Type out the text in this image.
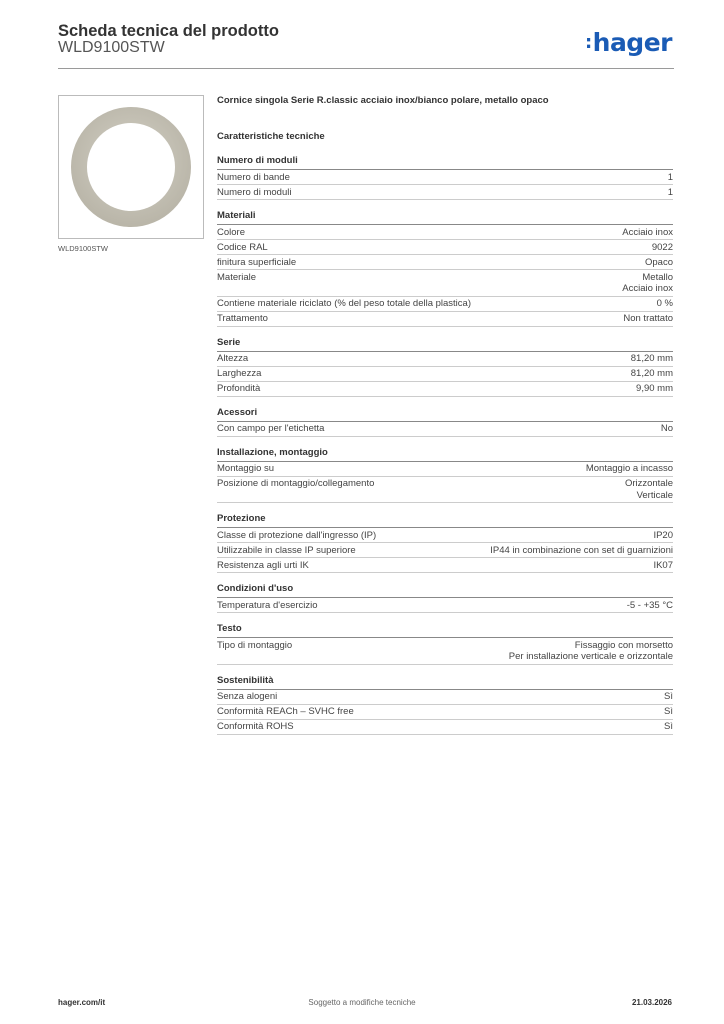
Scheda tecnica del prodotto
WLD9100STW	:hager
WLD9100STW
Cornice singola Serie R.classic acciaio inox/bianco polare, metallo opaco
Caratteristiche tecniche
Numero di moduli
Numero di bande	1
Numero di moduli	1
Materiali
Colore	Acciaio inox
Codice RAL	9022
finitura superficiale	Opaco
Materiale	Metallo
Acciaio inox
Contiene materiale riciclato (% del peso totale della plastica)	0 %
Trattamento	Non trattato
Serie
Altezza	81,20 mm
Larghezza	81,20 mm
Profondità	9,90 mm
Acessori
Con campo per l'etichetta	No
Installazione, montaggio
Montaggio su	Montaggio a incasso
Posizione di montaggio/collegamento	Orizzontale
Verticale
Protezione
Classe di protezione dall'ingresso (IP)	IP20
Utilizzabile in classe IP superiore	IP44 in combinazione con set di guarnizioni
Resistenza agli urti IK	IK07
Condizioni d'uso
Temperatura d'esercizio	-5 - +35 °C
Testo
Tipo di montaggio	Fissaggio con morsetto
Per installazione verticale e orizzontale
Sostenibilità
Senza alogeni	Sì
Conformità REACh – SVHC free	Sì
Conformità ROHS	Sì
hager.com/it	Soggetto a modifiche tecniche	21.03.2026
